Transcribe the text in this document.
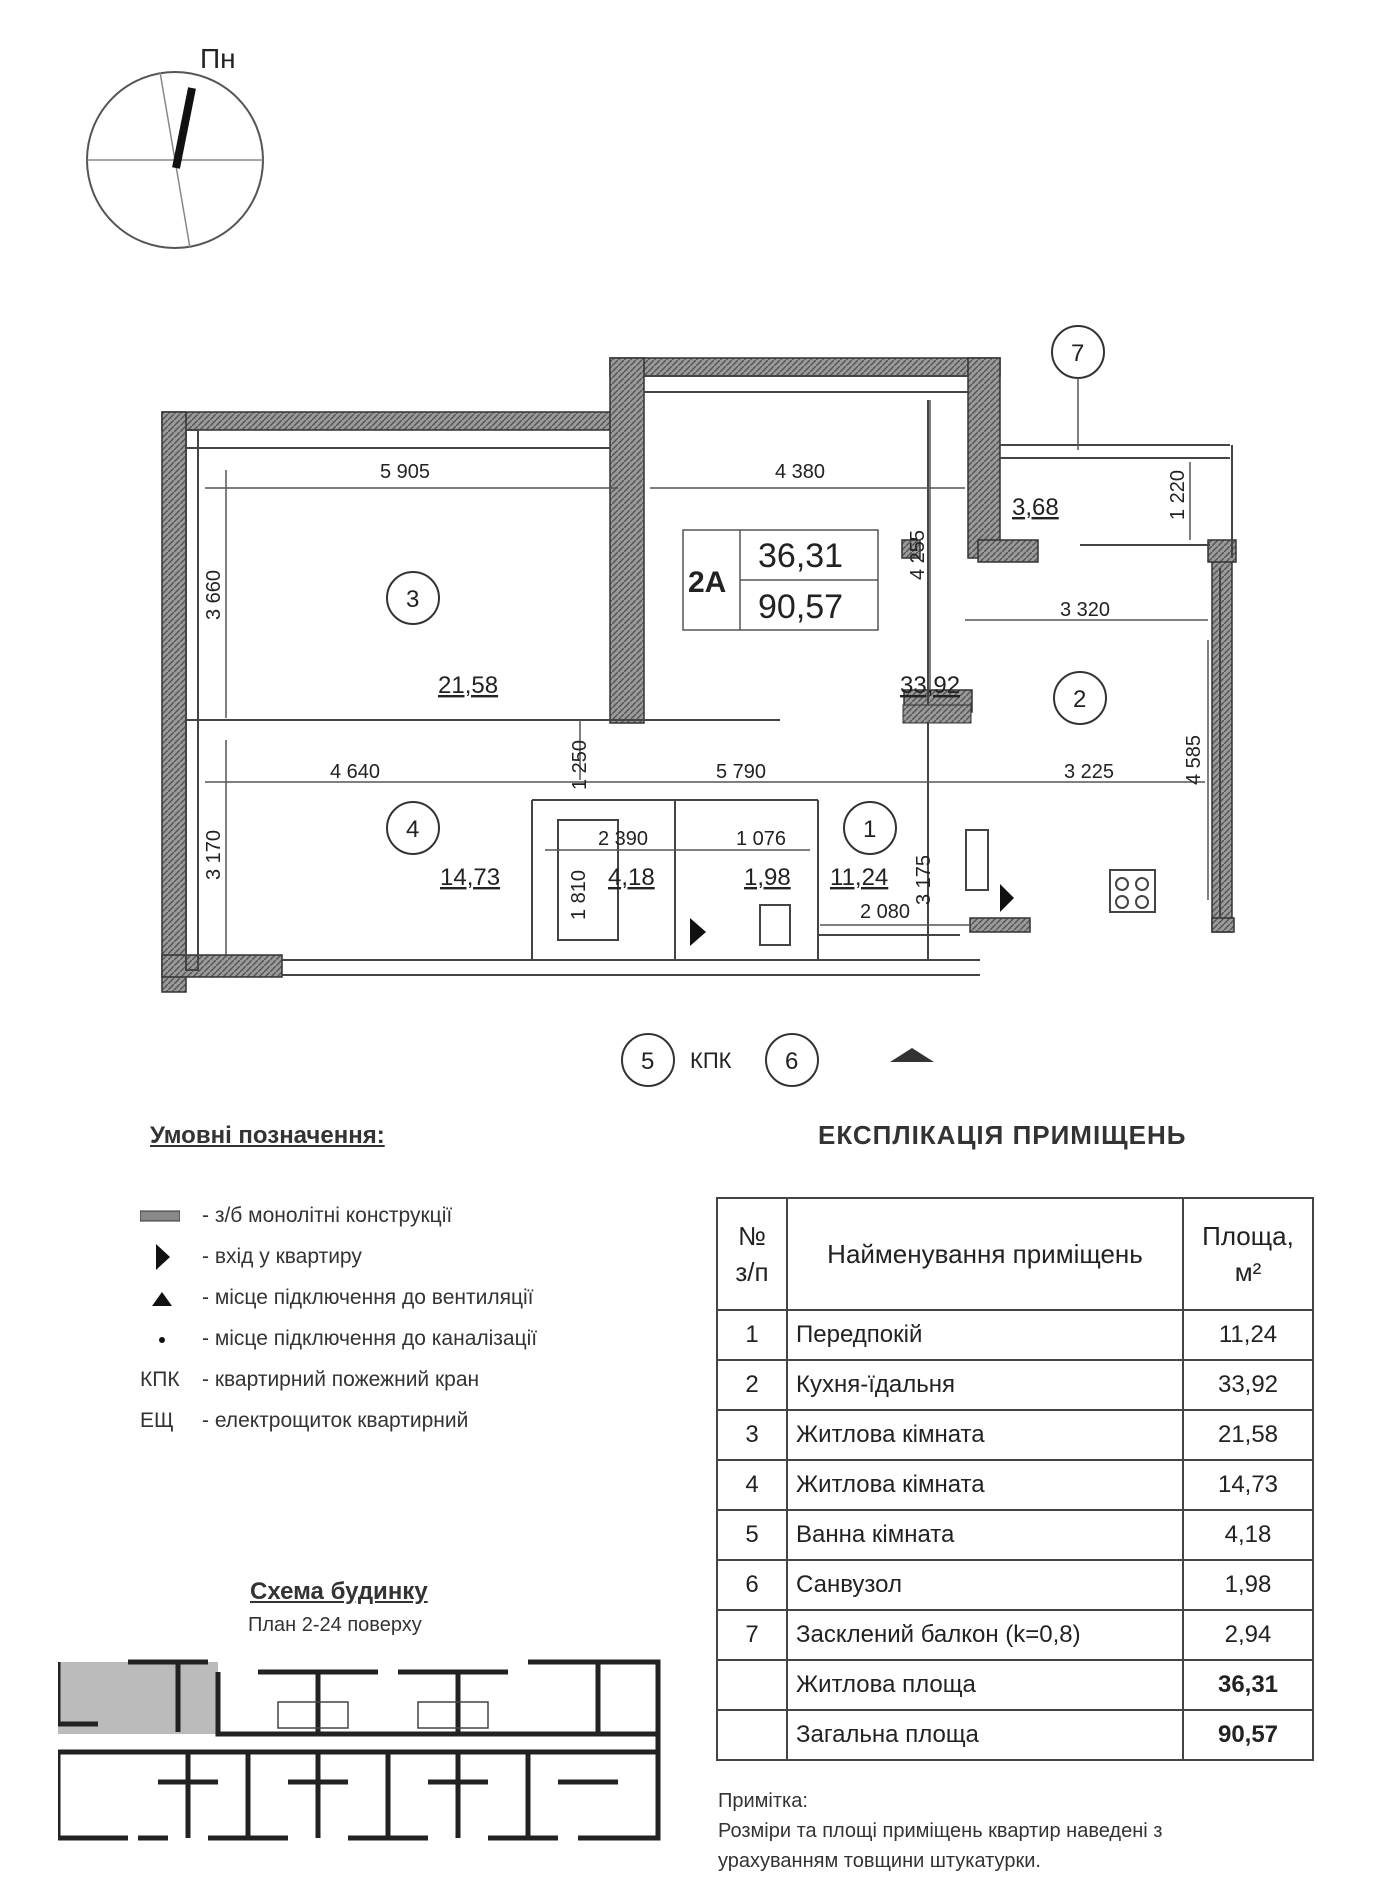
Пн
5 905	4 380
3 660
4 255
1 220
3 320
4 640	5 790	3 225
1 250
3 170	2 390	1 076
3 175
4 585
1 810	2 080
2А
36,31
90,57
1
2
3
4
5	6
7
11,24
33,92
21,58
14,73	4,18	1,98
3,68
КПК
Умовні позначення:
- з/б монолітні конструкції
- вхід у квартиру
- місце підключення до вентиляції
- місце підключення до каналізації
КПК	- квартирний пожежний кран
ЕЩ	- електрощиток квартирний
ЕКСПЛІКАЦІЯ ПРИМІЩЕНЬ
№ з/п	Найменування приміщень	Площа, м²
1	Передпокій	11,24
2	Кухня-їдальня	33,92
3	Житлова кімната	21,58
4	Житлова кімната	14,73
5	Ванна кімната	4,18
6	Санвузол	1,98
7	Засклений балкон (k=0,8)	2,94
	Житлова площа	36,31
	Загальна площа	90,57
Схема будинку
План 2-24 поверху
Примітка:
Розміри та площі приміщень квартир наведені з
урахуванням товщини штукатурки.
